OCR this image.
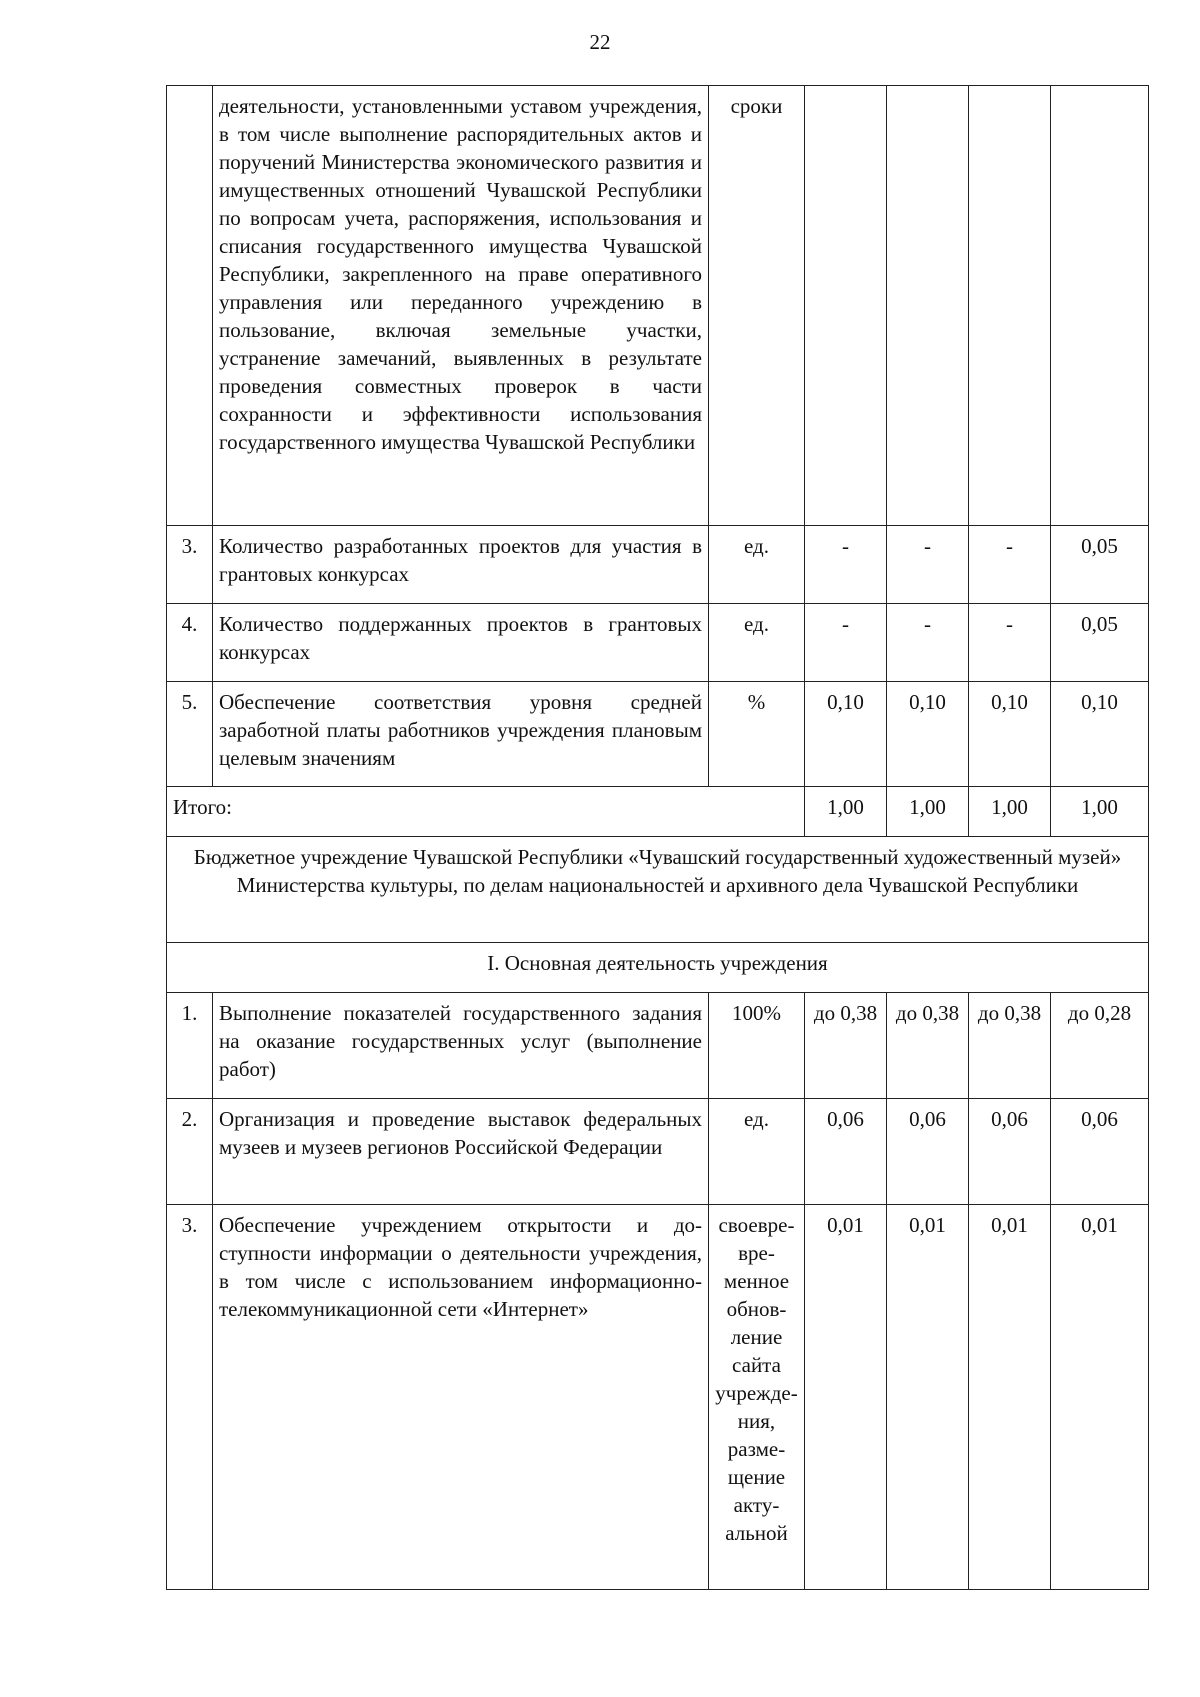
22
	деятельности, установленными уставом учреждения, в том числе выполнение распорядительных актов и поручений Министерства экономического развития и имущественных отношений Чувашской Республики по вопросам учета, распоряжения, использования и списания государственного имущества Чувашской Республики, закрепленного на праве оперативного управления или переданного учреждению в пользование, включая земельные участки, устранение замечаний, выявленных в результате проведения совместных проверок в части сохранности и эффективности использования государственного имущества Чувашской Республики	сроки				
3.	Количество разработанных проектов для участия в грантовых конкурсах	ед.	-	-	-	0,05
4.	Количество поддержанных проектов в грантовых конкурсах	ед.	-	-	-	0,05
5.	Обеспечение соответствия уровня средней заработной платы работников учреждения плановым целевым значениям	%	0,10	0,10	0,10	0,10
Итого:			1,00	1,00	1,00	1,00
Бюджетное учреждение Чувашской Республики «Чувашский государственный художественный музей» Министерства культуры, по делам национальностей и архивного дела Чувашской Республики						
I. Основная деятельность учреждения						
1.	Выполнение показателей государственного задания на оказание государственных услуг (выполнение работ)	100%	до 0,38	до 0,38	до 0,38	до 0,28
2.	Организация и проведение выставок федеральных музеев и музеев регионов Российской Федерации	ед.	0,06	0,06	0,06	0,06
3.	Обеспечение учреждением открытости и доступности информации о деятельности учреждения, в том числе с использованием информационно-телекоммуникационной сети «Интернет»	своевревременное обновление сайта учреждения, размещение актуальной	0,01	0,01	0,01	0,01
